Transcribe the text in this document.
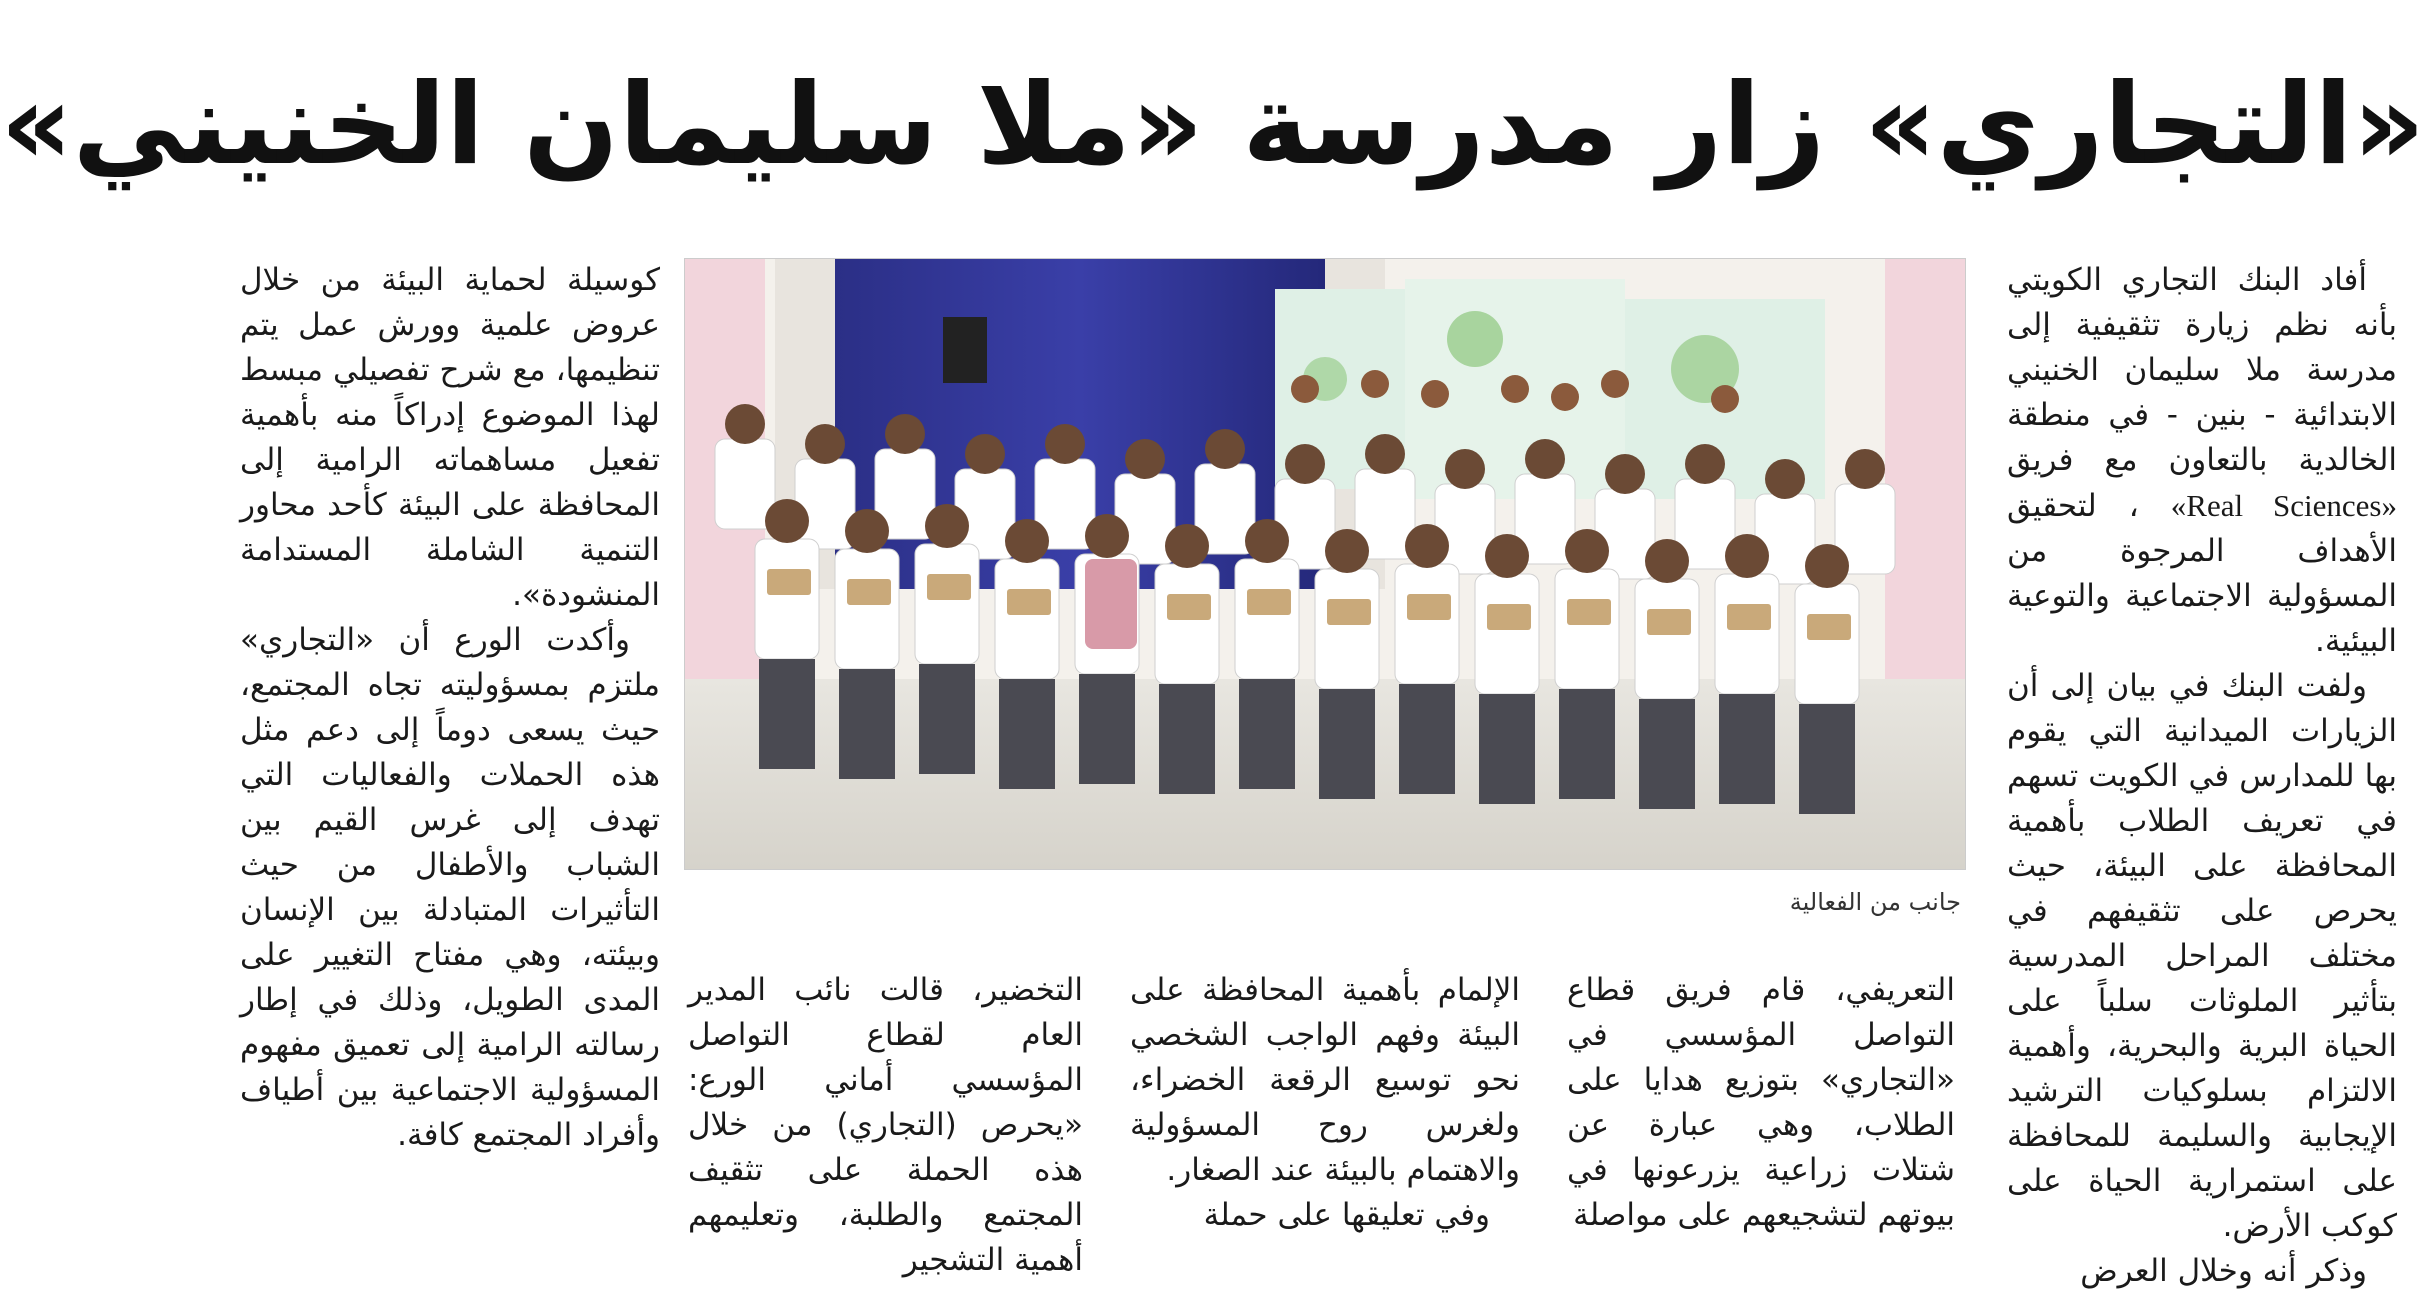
«التجاري» زار مدرسة «ملا سليمان الخنيني»

أفاد البنك التجاري الكويتي بأنه نظم زيارة تثقيفية إلى مدرسة ملا سليمان الخنيني الابتدائية - بنين - في منطقة الخالدية بالتعاون مع فريق «Real Sciences» ، لتحقيق الأهداف المرجوة من المسؤولية الاجتماعية والتوعية البيئية.

ولفت البنك في بيان إلى أن الزيارات الميدانية التي يقوم بها للمدارس في الكويت تسهم في تعريف الطلاب بأهمية المحافظة على البيئة، حيث يحرص على تثقيفهم في مختلف المراحل المدرسية بتأثير الملوثات سلباً على الحياة البرية والبحرية، وأهمية الالتزام بسلوكيات الترشيد الإيجابية والسليمة للمحافظة على استمرارية الحياة على كوكب الأرض.

وذكر أنه وخلال العرض

جانب من الفعالية

التعريفي، قام فريق قطاع التواصل المؤسسي في «التجاري» بتوزيع هدايا على الطلاب، وهي عبارة عن شتلات زراعية يزرعونها في بيوتهم لتشجيعهم على مواصلة

الإلمام بأهمية المحافظة على البيئة وفهم الواجب الشخصي نحو توسيع الرقعة الخضراء، ولغرس روح المسؤولية والاهتمام بالبيئة عند الصغار.

وفي تعليقها على حملة

التخضير، قالت نائب المدير العام لقطاع التواصل المؤسسي أماني الورع: «يحرص (التجاري) من خلال هذه الحملة على تثقيف المجتمع والطلبة، وتعليمهم أهمية التشجير

كوسيلة لحماية البيئة من خلال عروض علمية وورش عمل يتم تنظيمها، مع شرح تفصيلي مبسط لهذا الموضوع إدراكاً منه بأهمية تفعيل مساهماته الرامية إلى المحافظة على البيئة كأحد محاور التنمية الشاملة المستدامة المنشودة».

وأكدت الورع أن «التجاري» ملتزم بمسؤوليته تجاه المجتمع، حيث يسعى دوماً إلى دعم مثل هذه الحملات والفعاليات التي تهدف إلى غرس القيم بين الشباب والأطفال من حيث التأثيرات المتبادلة بين الإنسان وبيئته، وهي مفتاح التغيير على المدى الطويل، وذلك في إطار رسالته الرامية إلى تعميق مفهوم المسؤولية الاجتماعية بين أطياف وأفراد المجتمع كافة.
